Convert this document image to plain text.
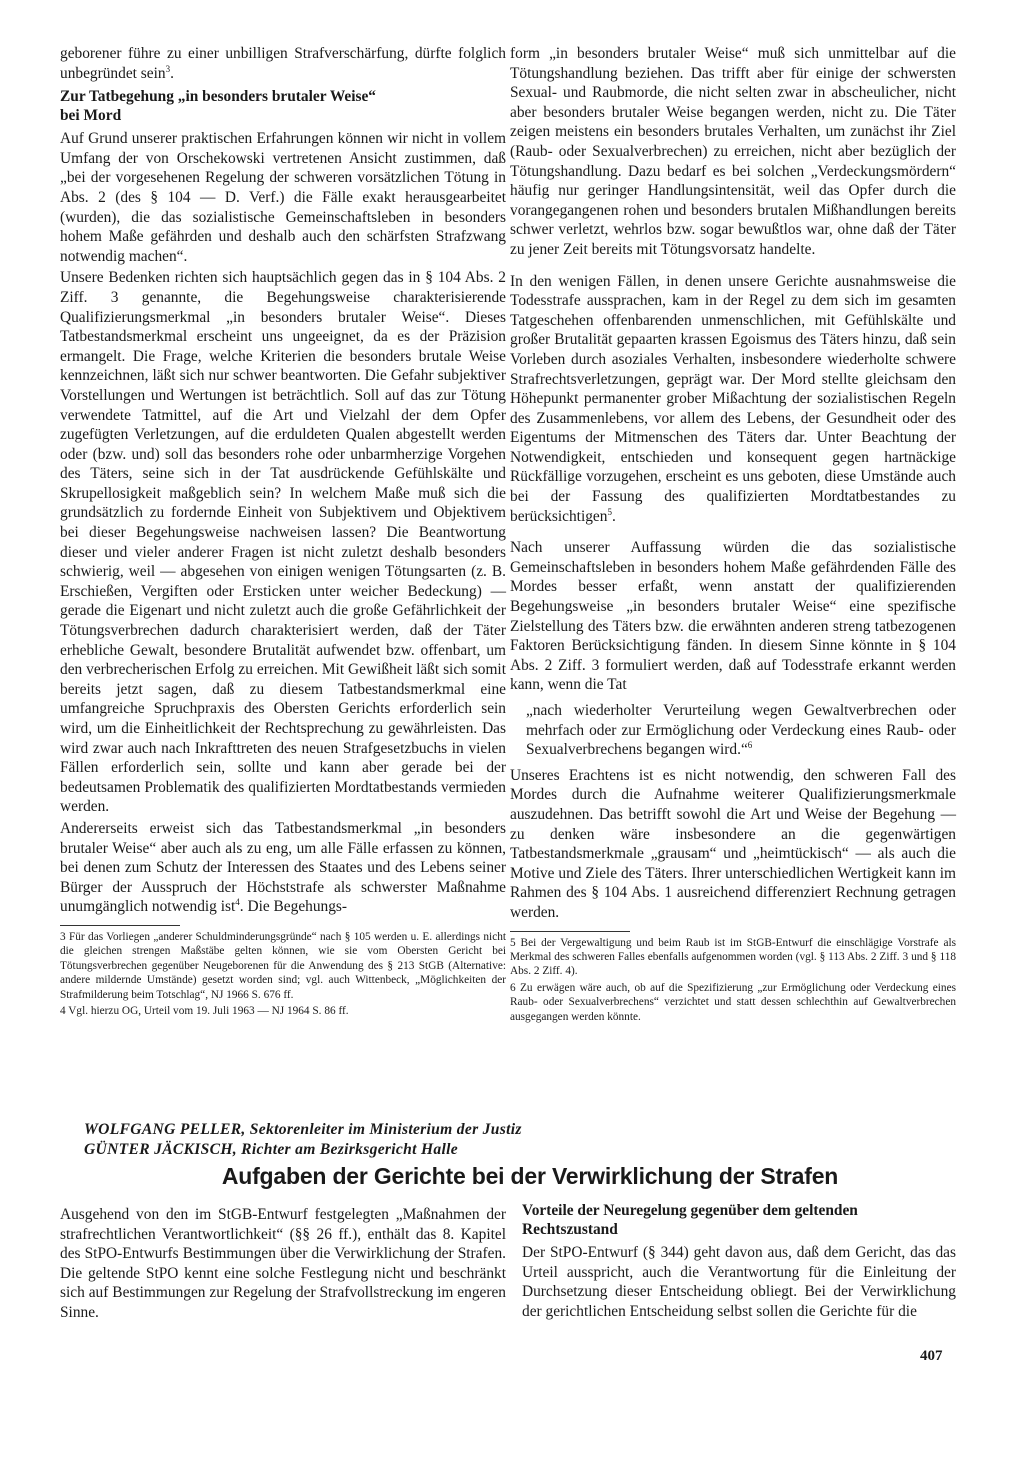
geborener führe zu einer unbilligen Strafverschärfung, dürfte folglich unbegründet sein$^3$.

Zur Tatbegehung „in besonders brutaler Weise“
bei Mord

Auf Grund unserer praktischen Erfahrungen können wir nicht in vollem Umfang der von Orschekowski vertretenen Ansicht zustimmen, daß „bei der vorgesehenen Regelung der schweren vorsätzlichen Tötung in Abs. 2 (des § 104 — D. Verf.) die Fälle exakt herausgearbeitet (wurden), die das sozialistische Gemeinschaftsleben in besonders hohem Maße gefährden und deshalb auch den schärfsten Strafzwang notwendig machen“.

Unsere Bedenken richten sich hauptsächlich gegen das in § 104 Abs. 2 Ziff. 3 genannte, die Begehungsweise charakterisierende Qualifizierungsmerkmal „in besonders brutaler Weise“. Dieses Tatbestandsmerkmal erscheint uns ungeeignet, da es der Präzision ermangelt. Die Frage, welche Kriterien die besonders brutale Weise kennzeichnen, läßt sich nur schwer beantworten. Die Gefahr subjektiver Vorstellungen und Wertungen ist beträchtlich. Soll auf das zur Tötung verwendete Tatmittel, auf die Art und Vielzahl der dem Opfer zugefügten Verletzungen, auf die erduldeten Qualen abgestellt werden oder (bzw. und) soll das besonders rohe oder unbarmherzige Vorgehen des Täters, seine sich in der Tat ausdrückende Gefühlskälte und Skrupellosigkeit maßgeblich sein? In welchem Maße muß sich die grundsätzlich zu fordernde Einheit von Subjektivem und Objektivem bei dieser Begehungsweise nachweisen lassen? Die Beantwortung dieser und vieler anderer Fragen ist nicht zuletzt deshalb besonders schwierig, weil — abgesehen von einigen wenigen Tötungsarten (z. B. Erschießen, Vergiften oder Ersticken unter weicher Bedeckung) — gerade die Eigenart und nicht zuletzt auch die große Gefährlichkeit der Tötungsverbrechen dadurch charakterisiert werden, daß der Täter erhebliche Gewalt, besondere Brutalität aufwendet bzw. offenbart, um den verbrecherischen Erfolg zu erreichen. Mit Gewißheit läßt sich somit bereits jetzt sagen, daß zu diesem Tatbestandsmerkmal eine umfangreiche Spruchpraxis des Obersten Gerichts erforderlich sein wird, um die Einheitlichkeit der Rechtsprechung zu gewährleisten. Das wird zwar auch nach Inkrafttreten des neuen Strafgesetzbuchs in vielen Fällen erforderlich sein, sollte und kann aber gerade bei der bedeutsamen Problematik des qualifizierten Mordtatbestands vermieden werden.

Andererseits erweist sich das Tatbestandsmerkmal „in besonders brutaler Weise“ aber auch als zu eng, um alle Fälle erfassen zu können, bei denen zum Schutz der Interessen des Staates und des Lebens seiner Bürger der Ausspruch der Höchststrafe als schwerster Maßnahme unumgänglich notwendig ist$^4$. Die Begehungs-

3 Für das Vorliegen „anderer Schuldminderungsgründe“ nach § 105 werden u. E. allerdings nicht die gleichen strengen Maßstäbe gelten können, wie sie vom Obersten Gericht bei Tötungsverbrechen gegenüber Neugeborenen für die Anwendung des § 213 StGB (Alternative: andere mildernde Umstände) gesetzt worden sind; vgl. auch Wittenbeck, „Möglichkeiten der Strafmilderung beim Totschlag“, NJ 1966 S. 676 ff.

4 Vgl. hierzu OG, Urteil vom 19. Juli 1963 — NJ 1964 S. 86 ff.

form „in besonders brutaler Weise“ muß sich unmittelbar auf die Tötungshandlung beziehen. Das trifft aber für einige der schwersten Sexual- und Raubmorde, die nicht selten zwar in abscheulicher, nicht aber besonders brutaler Weise begangen werden, nicht zu. Die Täter zeigen meistens ein besonders brutales Verhalten, um zunächst ihr Ziel (Raub- oder Sexualverbrechen) zu erreichen, nicht aber bezüglich der Tötungshandlung. Dazu bedarf es bei solchen „Verdeckungsmördern“ häufig nur geringer Handlungsintensität, weil das Opfer durch die vorangegangenen rohen und besonders brutalen Mißhandlungen bereits schwer verletzt, wehrlos bzw. sogar bewußtlos war, ohne daß der Täter zu jener Zeit bereits mit Tötungsvorsatz handelte.

In den wenigen Fällen, in denen unsere Gerichte ausnahmsweise die Todesstrafe aussprachen, kam in der Regel zu dem sich im gesamten Tatgeschehen offenbarenden unmenschlichen, mit Gefühlskälte und großer Brutalität gepaarten krassen Egoismus des Täters hinzu, daß sein Vorleben durch asoziales Verhalten, insbesondere wiederholte schwere Strafrechtsverletzungen, geprägt war. Der Mord stellte gleichsam den Höhepunkt permanenter grober Mißachtung der sozialistischen Regeln des Zusammenlebens, vor allem des Lebens, der Gesundheit oder des Eigentums der Mitmenschen des Täters dar. Unter Beachtung der Notwendigkeit, entschieden und konsequent gegen hartnäckige Rückfällige vorzugehen, erscheint es uns geboten, diese Umstände auch bei der Fassung des qualifizierten Mordtatbestandes zu berücksichtigen$^5$.

Nach unserer Auffassung würden die das sozialistische Gemeinschaftsleben in besonders hohem Maße gefährdenden Fälle des Mordes besser erfaßt, wenn anstatt der qualifizierenden Begehungsweise „in besonders brutaler Weise“ eine spezifische Zielstellung des Täters bzw. die erwähnten anderen streng tatbezogenen Faktoren Berücksichtigung fänden. In diesem Sinne könnte in § 104 Abs. 2 Ziff. 3 formuliert werden, daß auf Todesstrafe erkannt werden kann, wenn die Tat

„nach wiederholter Verurteilung wegen Gewaltverbrechen oder mehrfach oder zur Ermöglichung oder Verdeckung eines Raub- oder Sexualverbrechens begangen wird.“$^6$

Unseres Erachtens ist es nicht notwendig, den schweren Fall des Mordes durch die Aufnahme weiterer Qualifizierungsmerkmale auszudehnen. Das betrifft sowohl die Art und Weise der Begehung — zu denken wäre insbesondere an die gegenwärtigen Tatbestandsmerkmale „grausam“ und „heimtückisch“ — als auch die Motive und Ziele des Täters. Ihrer unterschiedlichen Wertigkeit kann im Rahmen des § 104 Abs. 1 ausreichend differenziert Rechnung getragen werden.

5 Bei der Vergewaltigung und beim Raub ist im StGB-Entwurf die einschlägige Vorstrafe als Merkmal des schweren Falles ebenfalls aufgenommen worden (vgl. § 113 Abs. 2 Ziff. 3 und § 118 Abs. 2 Ziff. 4).

6 Zu erwägen wäre auch, ob auf die Spezifizierung „zur Ermöglichung oder Verdeckung eines Raub- oder Sexualverbrechens“ verzichtet und statt dessen schlechthin auf Gewaltverbrechen ausgegangen werden könnte.

WOLFGANG PELLER, Sektorenleiter im Ministerium der Justiz
GÜNTER JÄCKISCH, Richter am Bezirksgericht Halle
Aufgaben der Gerichte bei der Verwirklichung der Strafen

Ausgehend von den im StGB-Entwurf festgelegten „Maßnahmen der strafrechtlichen Verantwortlichkeit“ (§§ 26 ff.), enthält das 8. Kapitel des StPO-Entwurfs Bestimmungen über die Verwirklichung der Strafen. Die geltende StPO kennt eine solche Festlegung nicht und beschränkt sich auf Bestimmungen zur Regelung der Strafvollstreckung im engeren Sinne.

Vorteile der Neuregelung gegenüber dem geltenden Rechtszustand

Der StPO-Entwurf (§ 344) geht davon aus, daß dem Gericht, das das Urteil ausspricht, auch die Verantwortung für die Einleitung der Durchsetzung dieser Entscheidung obliegt. Bei der Verwirklichung der gerichtlichen Entscheidung selbst sollen die Gerichte für die

407
